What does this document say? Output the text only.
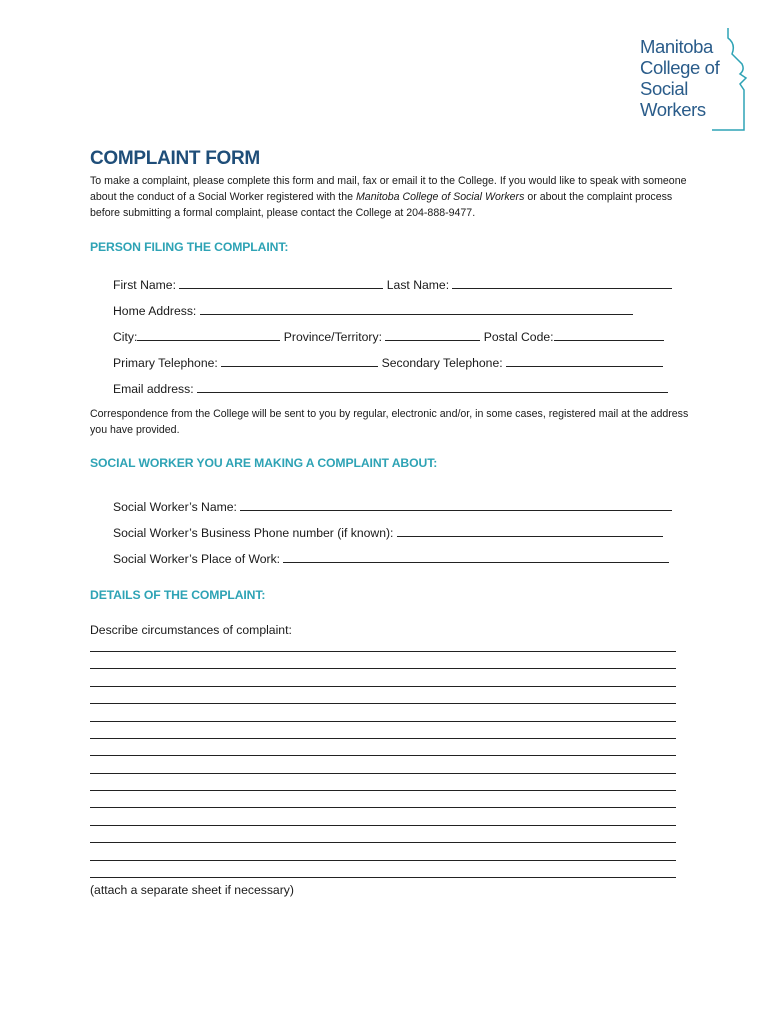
Manitoba
College of
Social
Workers
COMPLAINT FORM
To make a complaint, please complete this form and mail, fax or email it to the College. If you would like to speak with someone about the conduct of a Social Worker registered with the Manitoba College of Social Workers or about the complaint process before submitting a formal complaint, please contact the College at 204-888-9477.
PERSON FILING THE COMPLAINT:
First Name:	Last Name:
Home Address:
City:	Province/Territory:	Postal Code:
Primary Telephone:	Secondary Telephone:
Email address:
Correspondence from the College will be sent to you by regular, electronic and/or, in some cases, registered mail at the address you have provided.
SOCIAL WORKER YOU ARE MAKING A COMPLAINT ABOUT:
Social Worker’s Name:
Social Worker’s Business Phone number (if known):
Social Worker’s Place of Work:
DETAILS OF THE COMPLAINT:
Describe circumstances of complaint:
(attach a separate sheet if necessary)
